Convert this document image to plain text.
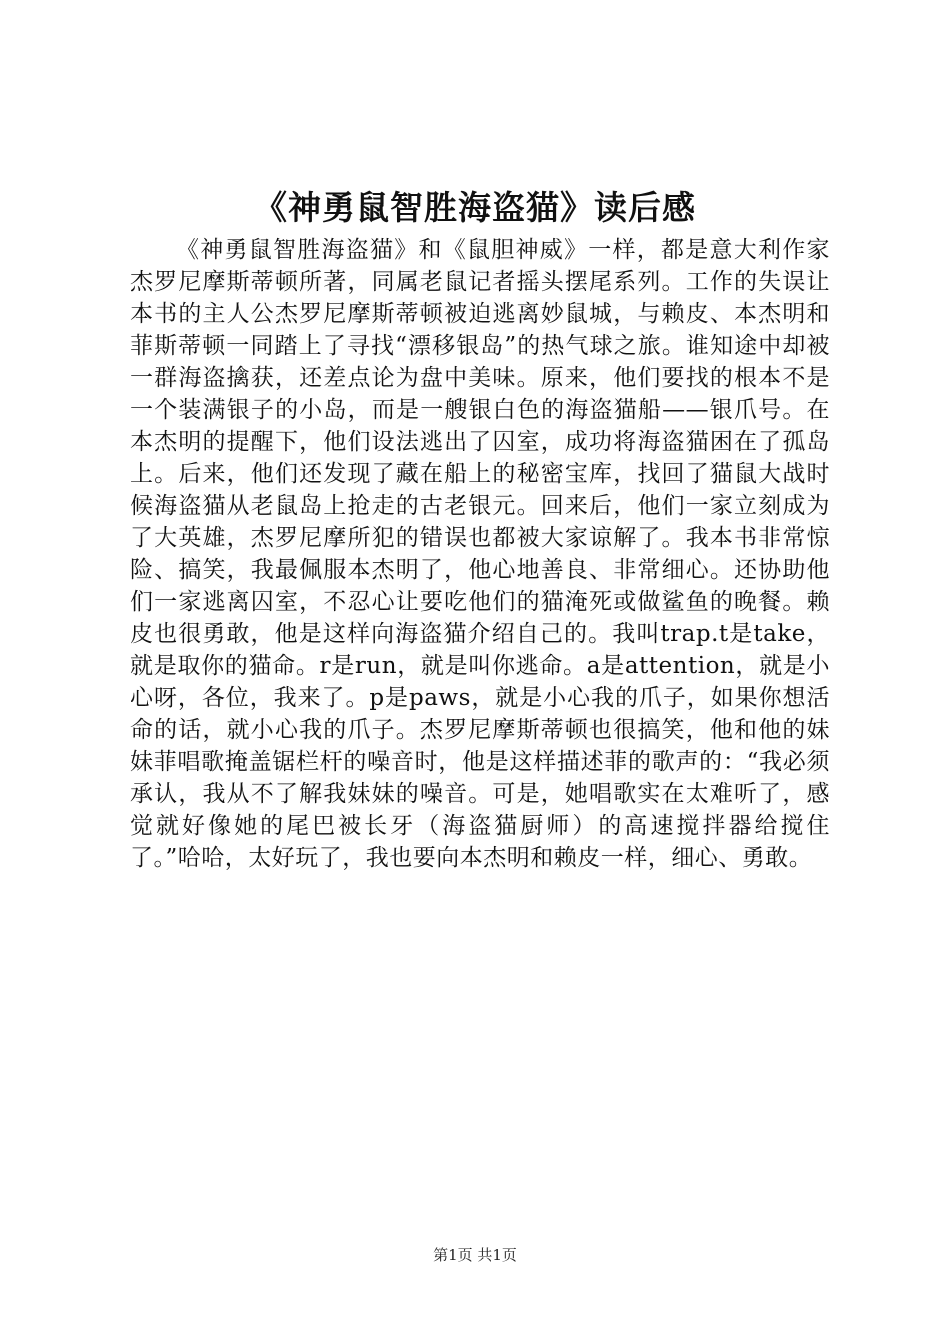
《神勇鼠智胜海盗猫》读后感

《神勇鼠智胜海盗猫》和《鼠胆神威》一样，都是意大利作家杰罗尼摩斯蒂顿所著，同属老鼠记者摇头摆尾系列。工作的失误让本书的主人公杰罗尼摩斯蒂顿被迫逃离妙鼠城，与赖皮、本杰明和菲斯蒂顿一同踏上了寻找“漂移银岛”的热气球之旅。谁知途中却被一群海盗擒获，还差点论为盘中美味。原来，他们要找的根本不是一个装满银子的小岛，而是一艘银白色的海盗猫船——银爪号。在本杰明的提醒下，他们设法逃出了囚室，成功将海盗猫困在了孤岛上。后来，他们还发现了藏在船上的秘密宝库，找回了猫鼠大战时候海盗猫从老鼠岛上抢走的古老银元。回来后，他们一家立刻成为了大英雄，杰罗尼摩所犯的错误也都被大家谅解了。我本书非常惊险、搞笑，我最佩服本杰明了，他心地善良、非常细心。还协助他们一家逃离囚室，不忍心让要吃他们的猫淹死或做鲨鱼的晚餐。赖皮也很勇敢，他是这样向海盗猫介绍自己的。我叫trap.t是take，就是取你的猫命。r是run，就是叫你逃命。a是attention，就是小心呀，各位，我来了。p是paws，就是小心我的爪子，如果你想活命的话，就小心我的爪子。杰罗尼摩斯蒂顿也很搞笑，他和他的妹妹菲唱歌掩盖锯栏杆的噪音时，他是这样描述菲的歌声的：“我必须承认，我从不了解我妹妹的噪音。可是，她唱歌实在太难听了，感觉就好像她的尾巴被长牙（海盗猫厨师）的高速搅拌器给搅住了。”哈哈，太好玩了，我也要向本杰明和赖皮一样，细心、勇敢。

第1页 共1页
